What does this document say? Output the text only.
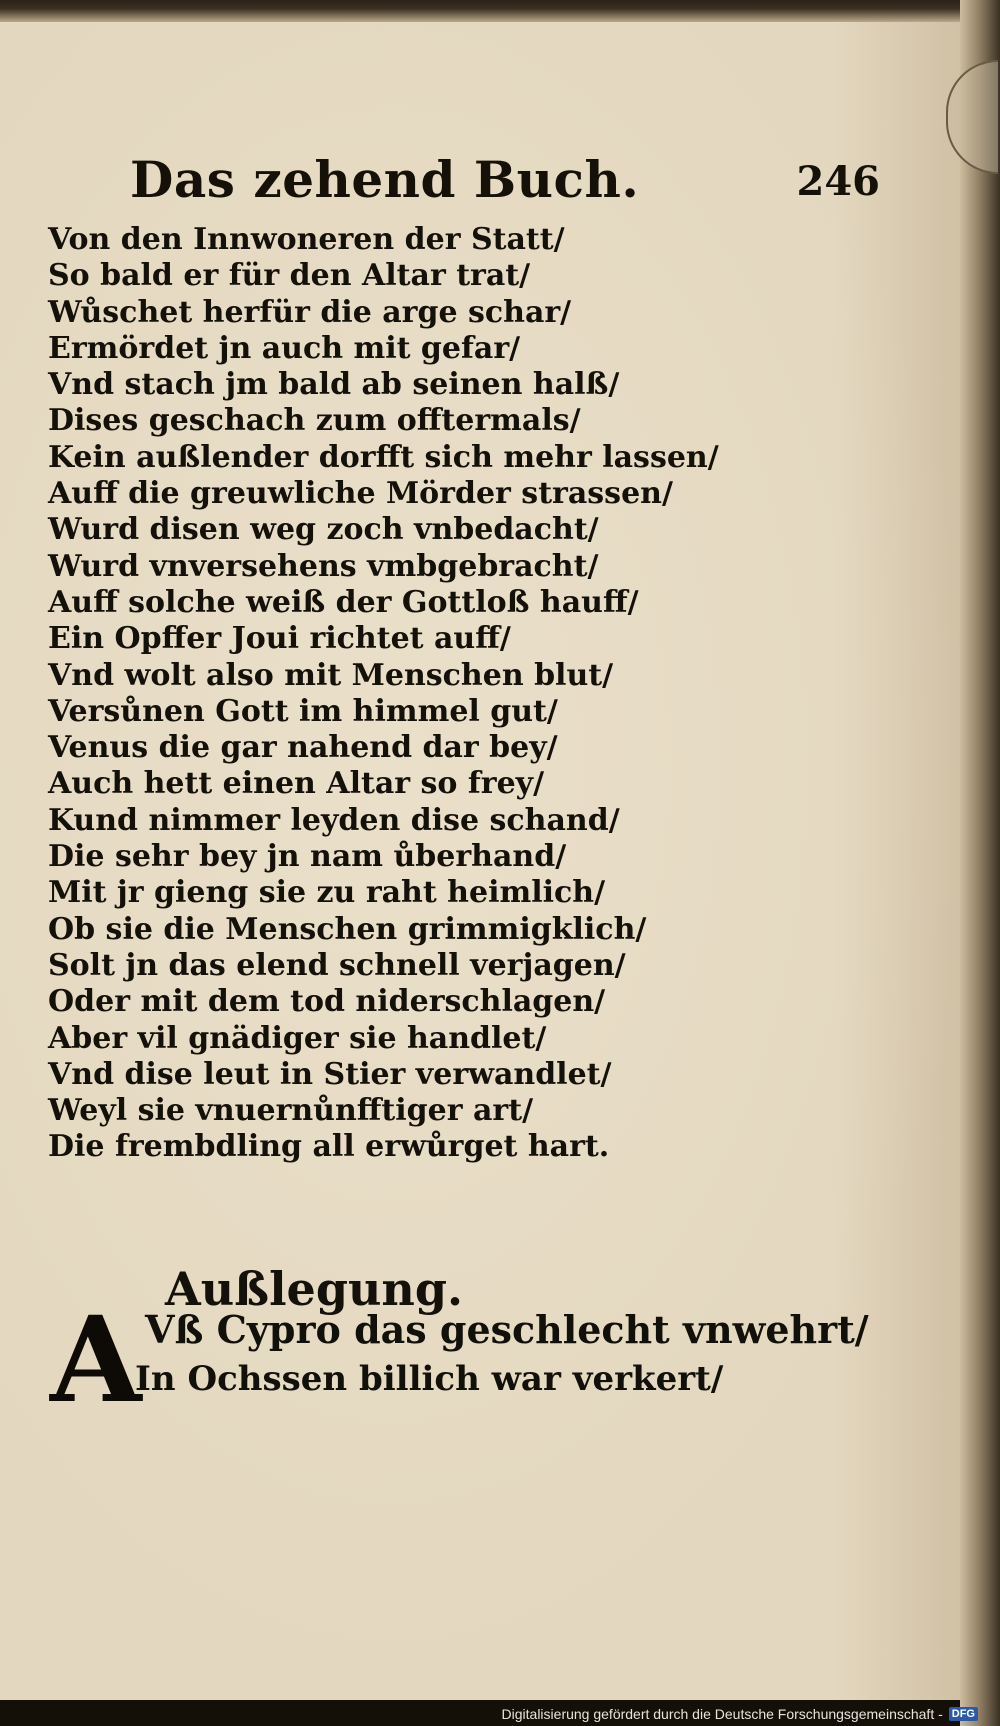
Das zehend Buch.	246
Von den Innwoneren der Statt/
So bald er für den Altar trat/
Wůschet herfür die arge schar/
Ermördet jn auch mit gefar/
Vnd stach jm bald ab seinen halß/
Dises geschach zum offtermals/
Kein außlender dorfft sich mehr lassen/
Auff die greuwliche Mörder strassen/
Wurd disen weg zoch vnbedacht/
Wurd vnversehens vmbgebracht/
Auff solche weiß der Gottloß hauff/
Ein Opffer Joui richtet auff/
Vnd wolt also mit Menschen blut/
Versůnen Gott im himmel gut/
Venus die gar nahend dar bey/
Auch hett einen Altar so frey/
Kund nimmer leyden dise schand/
Die sehr bey jn nam ůberhand/
Mit jr gieng sie zu raht heimlich/
Ob sie die Menschen grimmigklich/
Solt jn das elend schnell verjagen/
Oder mit dem tod niderschlagen/
Aber vil gnädiger sie handlet/
Vnd dise leut in Stier verwandlet/
Weyl sie vnuernůnfftiger art/
Die frembdling all erwůrget hart.
Außlegung.
A Vß Cypro das geschlecht vnwehrt/
In Ochssen billich war verkert/
Digitalisierung gefördert durch die Deutsche Forschungsgemeinschaft - DFG
